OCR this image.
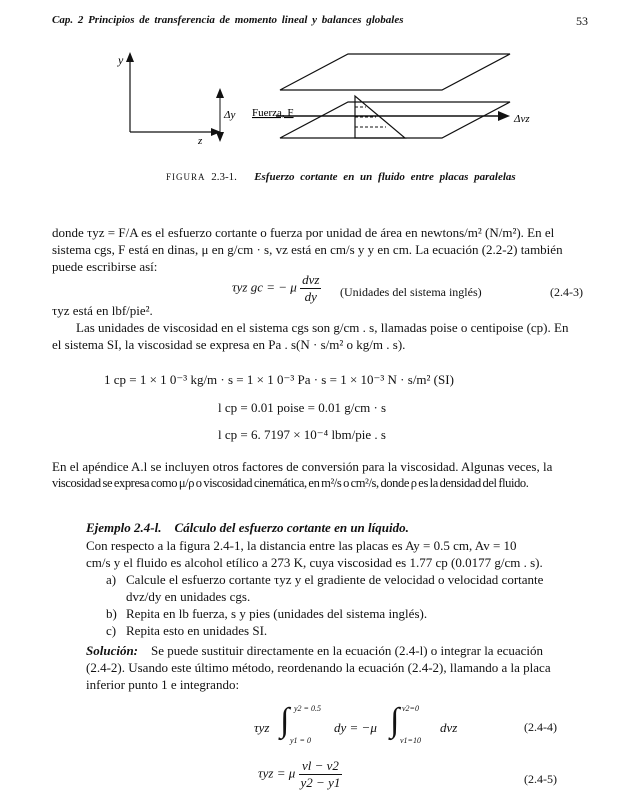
Cap. 2 Principios de transferencia de momento lineal y balances globales	53
y
z
Δy Fuerza, F	Δvz
FIGURA 2.3-1. Esfuerzo cortante en un fluido entre placas paralelas
donde τyz = F/A es el esfuerzo cortante o fuerza por unidad de área en newtons/m² (N/m²). En el
sistema cgs, F está en dinas, μ en g/cm · s, vz está en cm/s y y en cm. La ecuación (2.2-2) también
puede escribirse así:
τyz gc = − μ $\frac{\text{dvz}}{dy}$ (Unidades del sistema inglés)	(2.4-3)
τyz está en lbf/pie².
Las unidades de viscosidad en el sistema cgs son g/cm . s, llamadas poise o centipoise (cp). En
el sistema SI, la viscosidad se expresa en Pa . s(N · s/m² o kg/m . s).
1 cp = 1 × 1 0⁻³ kg/m · s = 1 × 1 0⁻³ Pa · s = 1 × 10⁻³ N · s/m² (SI)
l cp = 0.01 poise = 0.01 g/cm · s
l cp = 6. 7197 × 10⁻⁴ lbm/pie . s
En el apéndice A.l se incluyen otros factores de conversión para la viscosidad. Algunas veces, la
viscosidad se expresa como μ/ρ o viscosidad cinemática, en m²/s o cm²/s, donde ρ es la densidad del fluido.
Ejemplo 2.4-l. Cálculo del esfuerzo cortante en un líquido.
Con respecto a la figura 2.4-1, la distancia entre las placas es Ay = 0.5 cm, Av = 10
cm/s y el fluido es alcohol etílico a 273 K, cuya viscosidad es 1.77 cp (0.0177 g/cm . s).
a) Calcule el esfuerzo cortante τyz y el gradiente de velocidad o velocidad cortante
dvz/dy en unidades cgs.
b) Repita en lb fuerza, s y pies (unidades del sistema inglés).
c) Repita esto en unidades SI.
Solución: Se puede sustituir directamente en la ecuación (2.4-l) o integrar la ecuación
(2.4-2). Usando este último método, reordenando la ecuación (2.4-2), llamando a la placa
inferior punto 1 e integrando:
τyz ∫ y2 = 0.5
y1 = 0
dy = −μ ∫ v2=0
v1=10
dvz	(2.4-4)
τyz = μ $\frac{vl - v2}{y2 - y1}$	(2.4-5)
